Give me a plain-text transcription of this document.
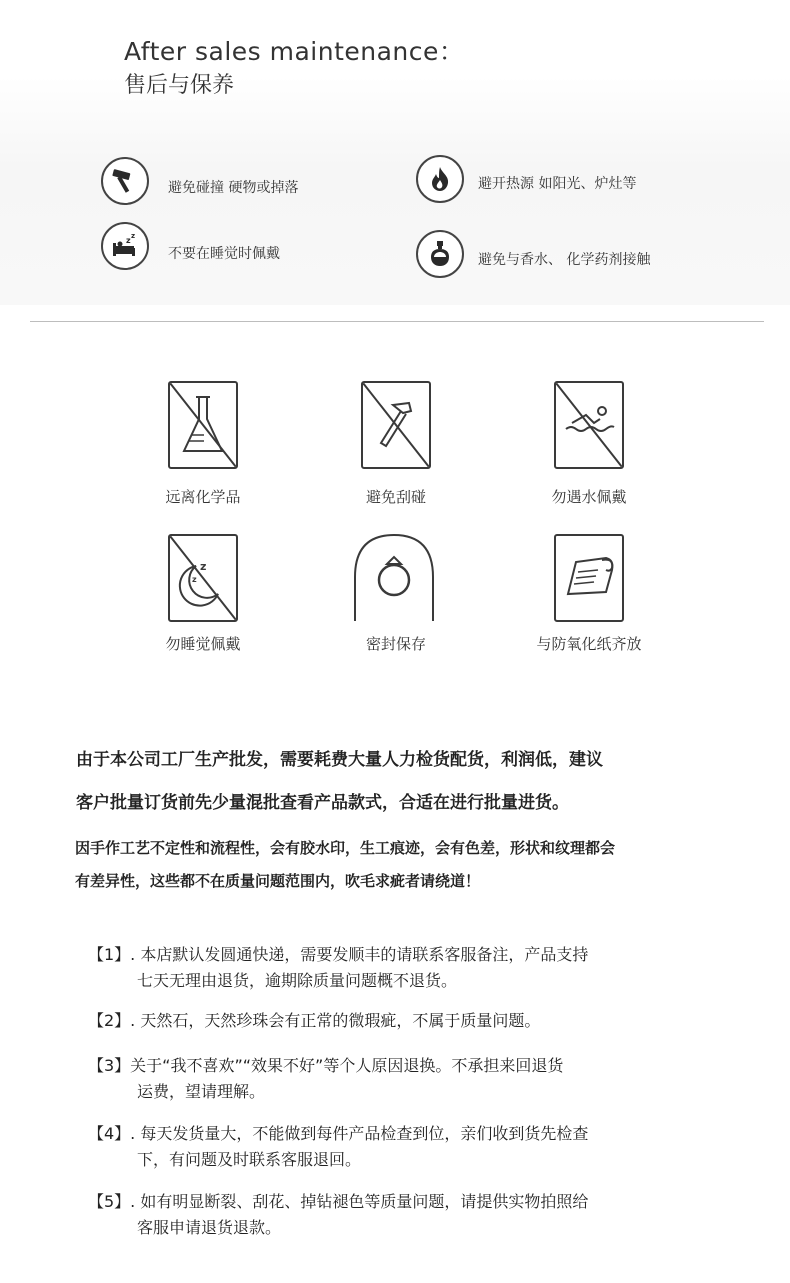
After sales maintenance：
售后与保养
避免碰撞 硬物或掉落	避开热源 如阳光、炉灶等
z z
不要在睡觉时佩戴	避免与香水、 化学药剂接触
远离化学品	避免刮碰	勿遇水佩戴
z
z
勿睡觉佩戴	密封保存	与防氧化纸齐放
由于本公司工厂生产批发，需要耗费大量人力检货配货，利润低，建议
客户批量订货前先少量混批查看产品款式，合适在进行批量进货。
因手作工艺不定性和流程性，会有胶水印，生工痕迹，会有色差，形状和纹理都会
有差异性，这些都不在质量问题范围内，吹毛求疵者请绕道！
【1】. 本店默认发圆通快递，需要发顺丰的请联系客服备注，产品支持
七天无理由退货，逾期除质量问题概不退货。
【2】. 天然石，天然珍珠会有正常的微瑕疵，不属于质量问题。
【3】关于“我不喜欢”“效果不好”等个人原因退换。不承担来回退货
运费，望请理解。
【4】. 每天发货量大，不能做到每件产品检查到位，亲们收到货先检查
下，有问题及时联系客服退回。
【5】. 如有明显断裂、刮花、掉钻褪色等质量问题，请提供实物拍照给
客服申请退货退款。
